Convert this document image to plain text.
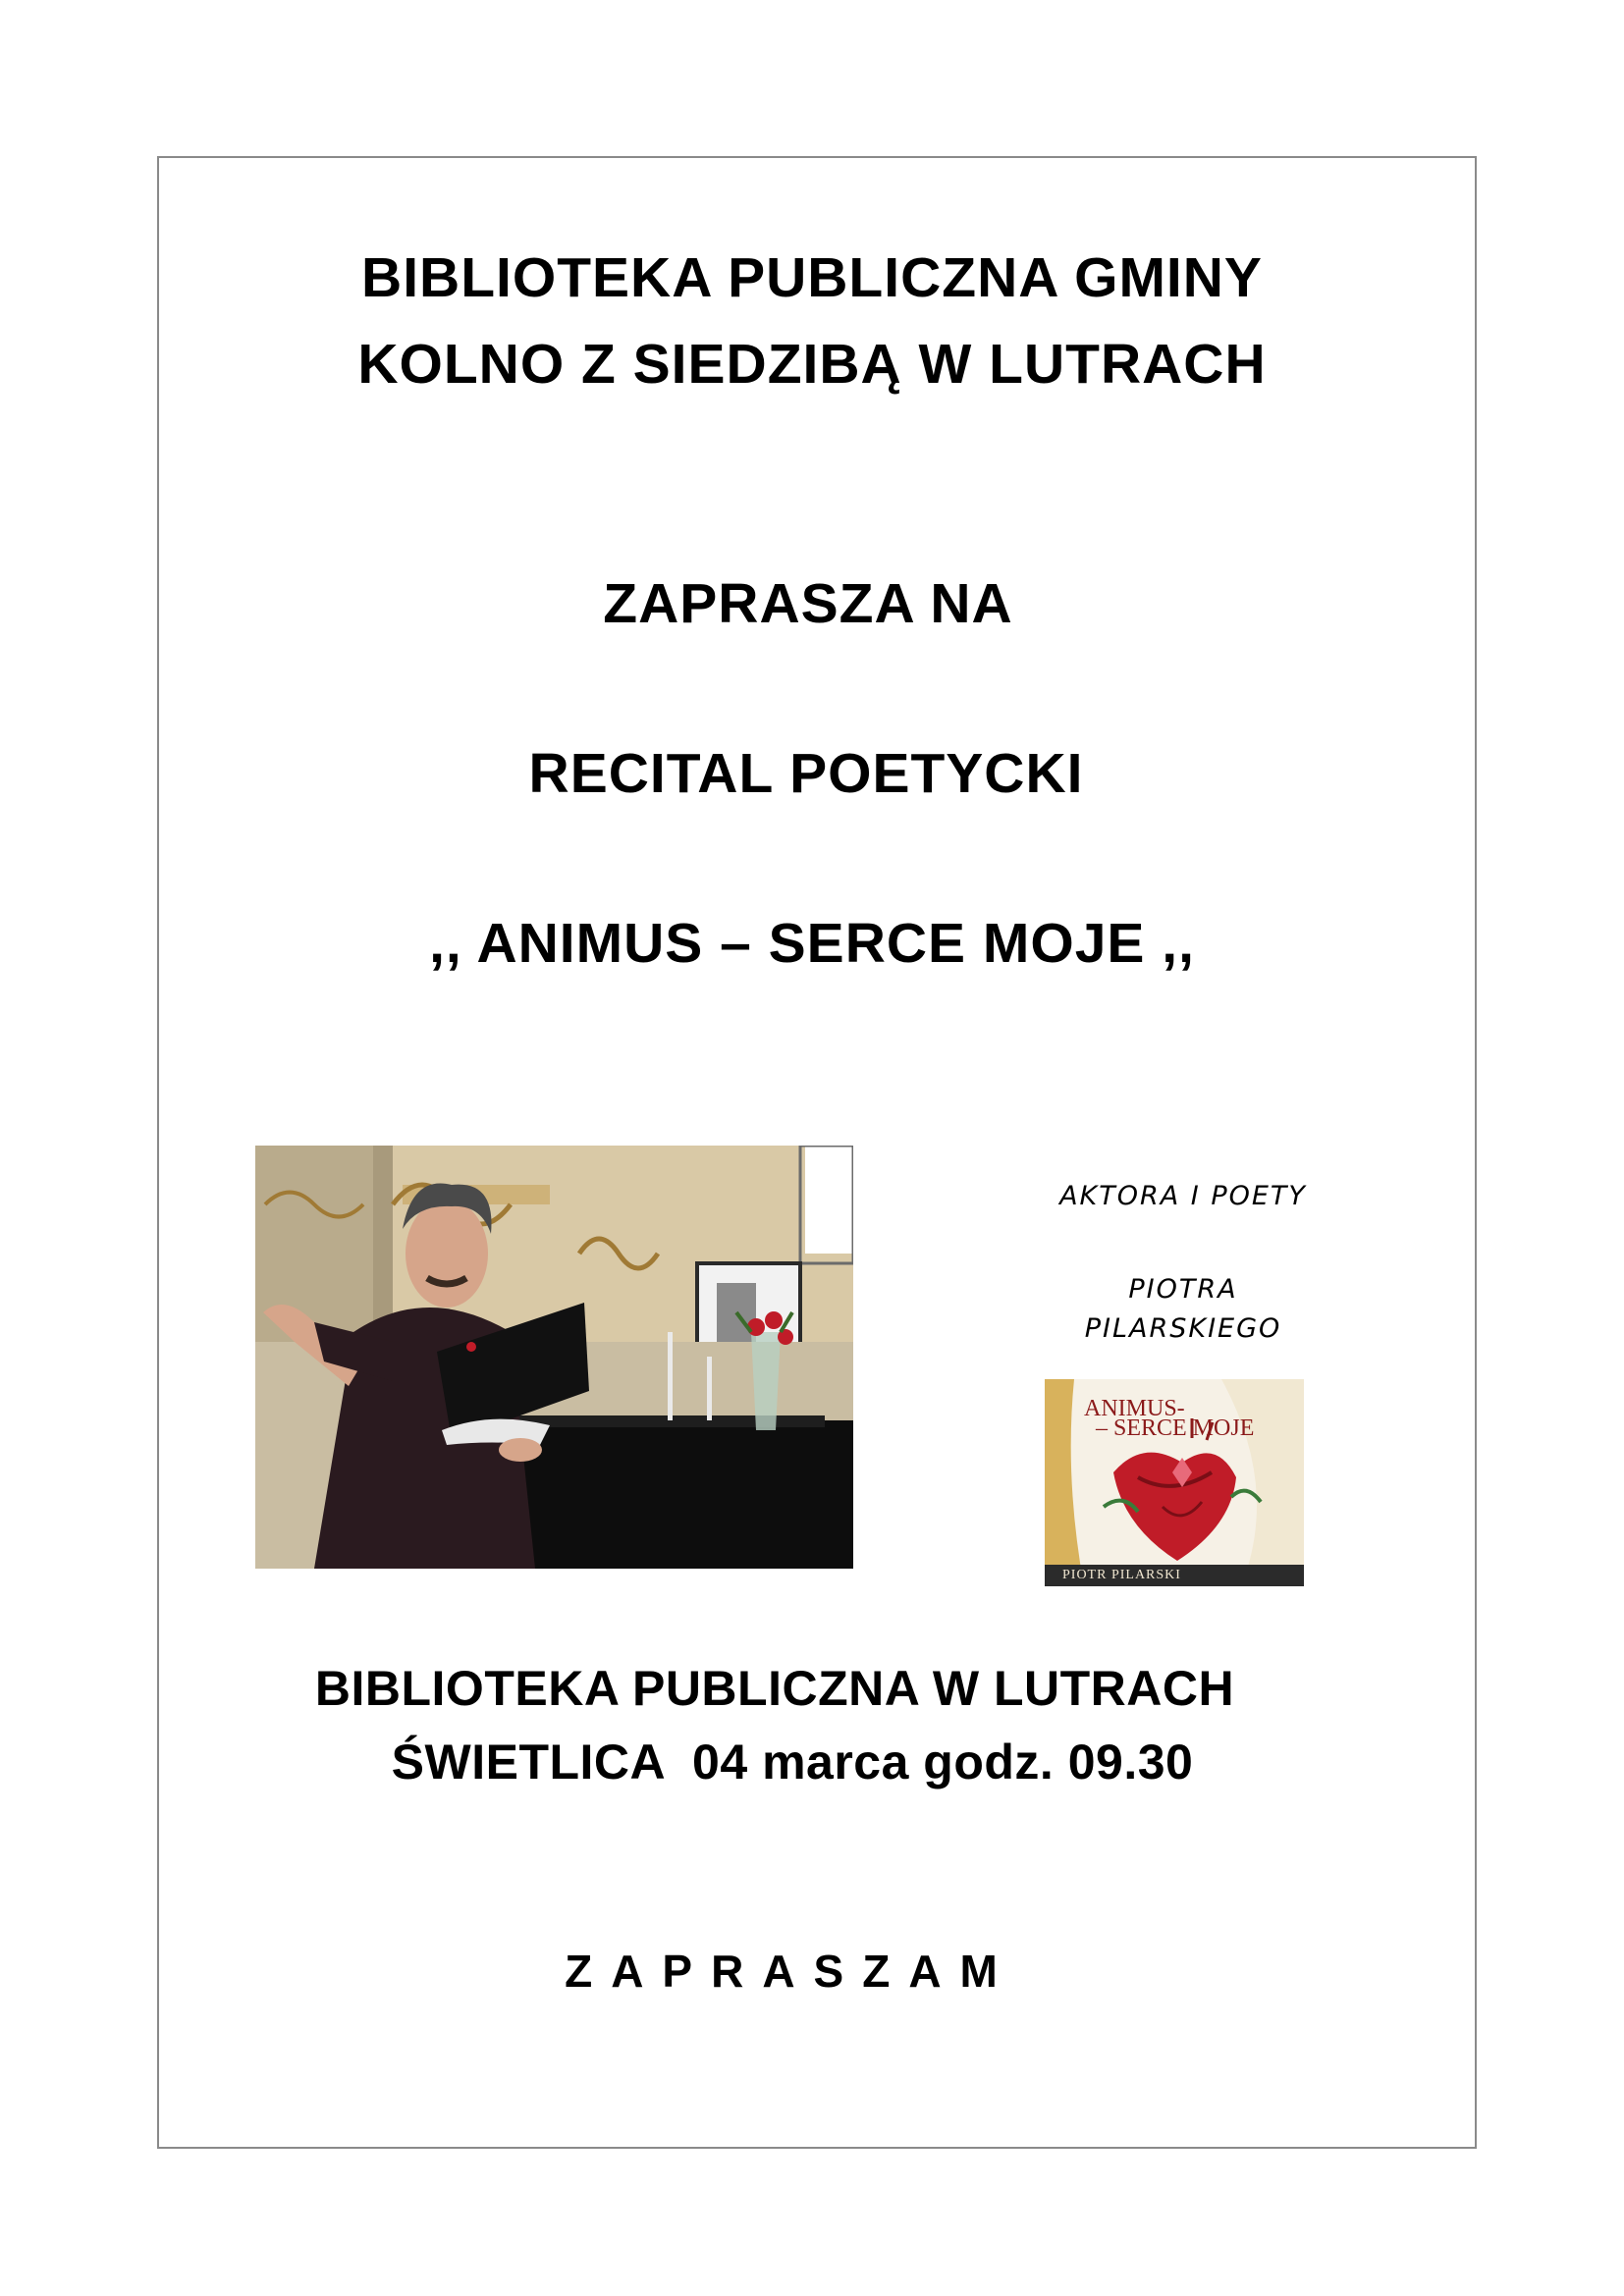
BIBLIOTEKA PUBLICZNA GMINY
KOLNO Z SIEDZIBĄ W LUTRACH
ZAPRASZA NA
RECITAL POETYCKI
,, ANIMUS – SERCE MOJE ,,
AKTORA I POETY
PIOTRA
PILARSKIEGO
ANIMUS-
– SERCE MOJE
PIOTR PILARSKI
BIBLIOTEKA PUBLICZNA W LUTRACH
ŚWIETLICA  04 marca godz. 09.30
ZAPRASZAM
